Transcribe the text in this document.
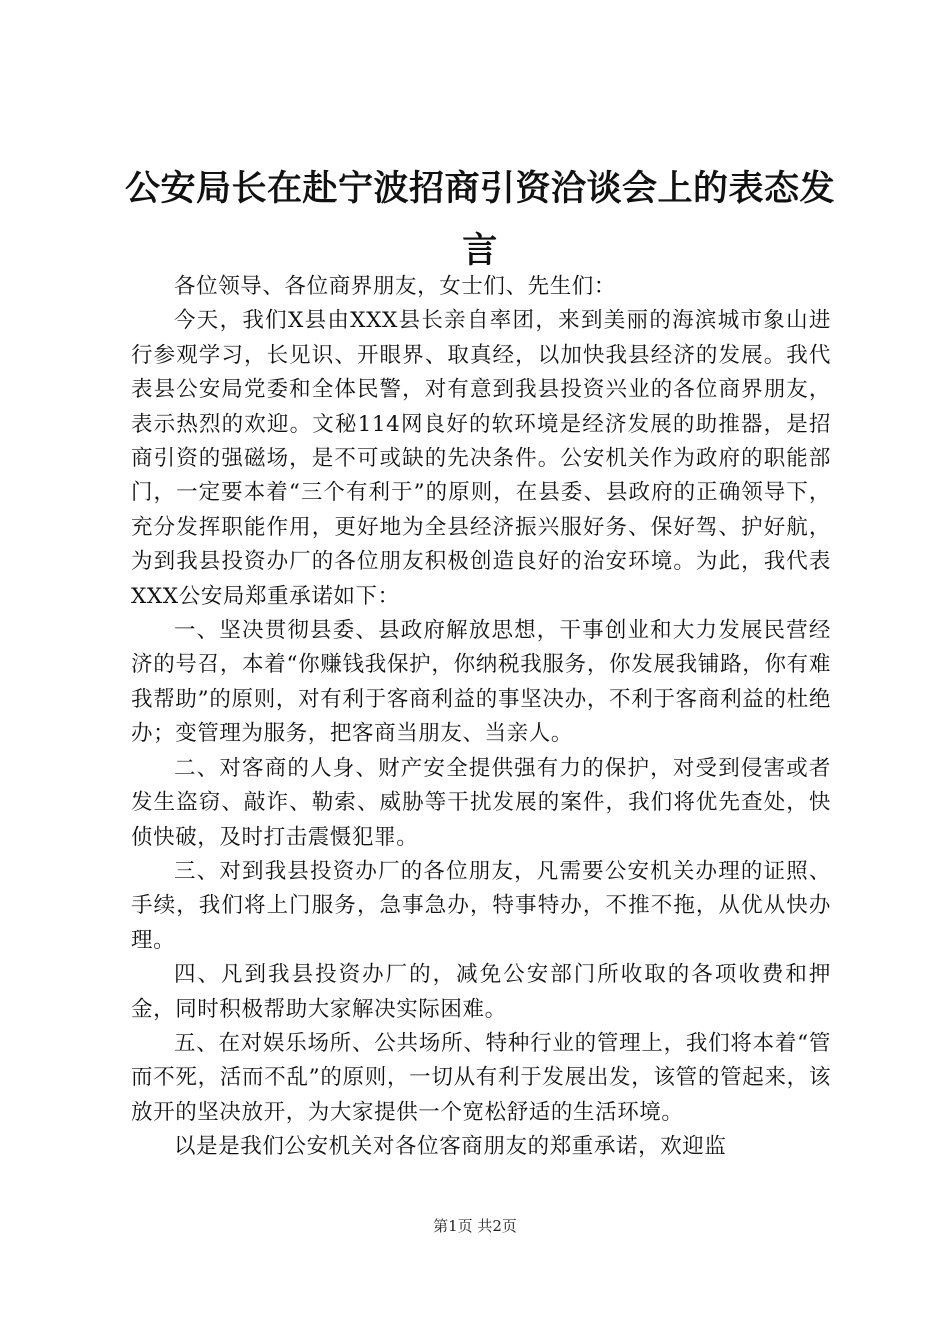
公安局长在赴宁波招商引资洽谈会上的表态发言

各位领导、各位商界朋友，女士们、先生们：

今天，我们X县由XXX县长亲自率团，来到美丽的海滨城市象山进行参观学习，长见识、开眼界、取真经，以加快我县经济的发展。我代表县公安局党委和全体民警，对有意到我县投资兴业的各位商界朋友，表示热烈的欢迎。文秘114网良好的软环境是经济发展的助推器，是招商引资的强磁场，是不可或缺的先决条件。公安机关作为政府的职能部门，一定要本着“三个有利于”的原则，在县委、县政府的正确领导下，充分发挥职能作用，更好地为全县经济振兴服好务、保好驾、护好航，为到我县投资办厂的各位朋友积极创造良好的治安环境。为此，我代表XXX公安局郑重承诺如下：

一、坚决贯彻县委、县政府解放思想，干事创业和大力发展民营经济的号召，本着“你赚钱我保护，你纳税我服务，你发展我铺路，你有难我帮助”的原则，对有利于客商利益的事坚决办，不利于客商利益的杜绝办；变管理为服务，把客商当朋友、当亲人。

二、对客商的人身、财产安全提供强有力的保护，对受到侵害或者发生盗窃、敲诈、勒索、威胁等干扰发展的案件，我们将优先查处，快侦快破，及时打击震慑犯罪。

三、对到我县投资办厂的各位朋友，凡需要公安机关办理的证照、手续，我们将上门服务，急事急办，特事特办，不推不拖，从优从快办理。

四、凡到我县投资办厂的，减免公安部门所收取的各项收费和押金，同时积极帮助大家解决实际困难。

五、在对娱乐场所、公共场所、特种行业的管理上，我们将本着“管而不死，活而不乱”的原则，一切从有利于发展出发，该管的管起来，该放开的坚决放开，为大家提供一个宽松舒适的生活环境。

以是是我们公安机关对各位客商朋友的郑重承诺，欢迎监

第1页 共2页
